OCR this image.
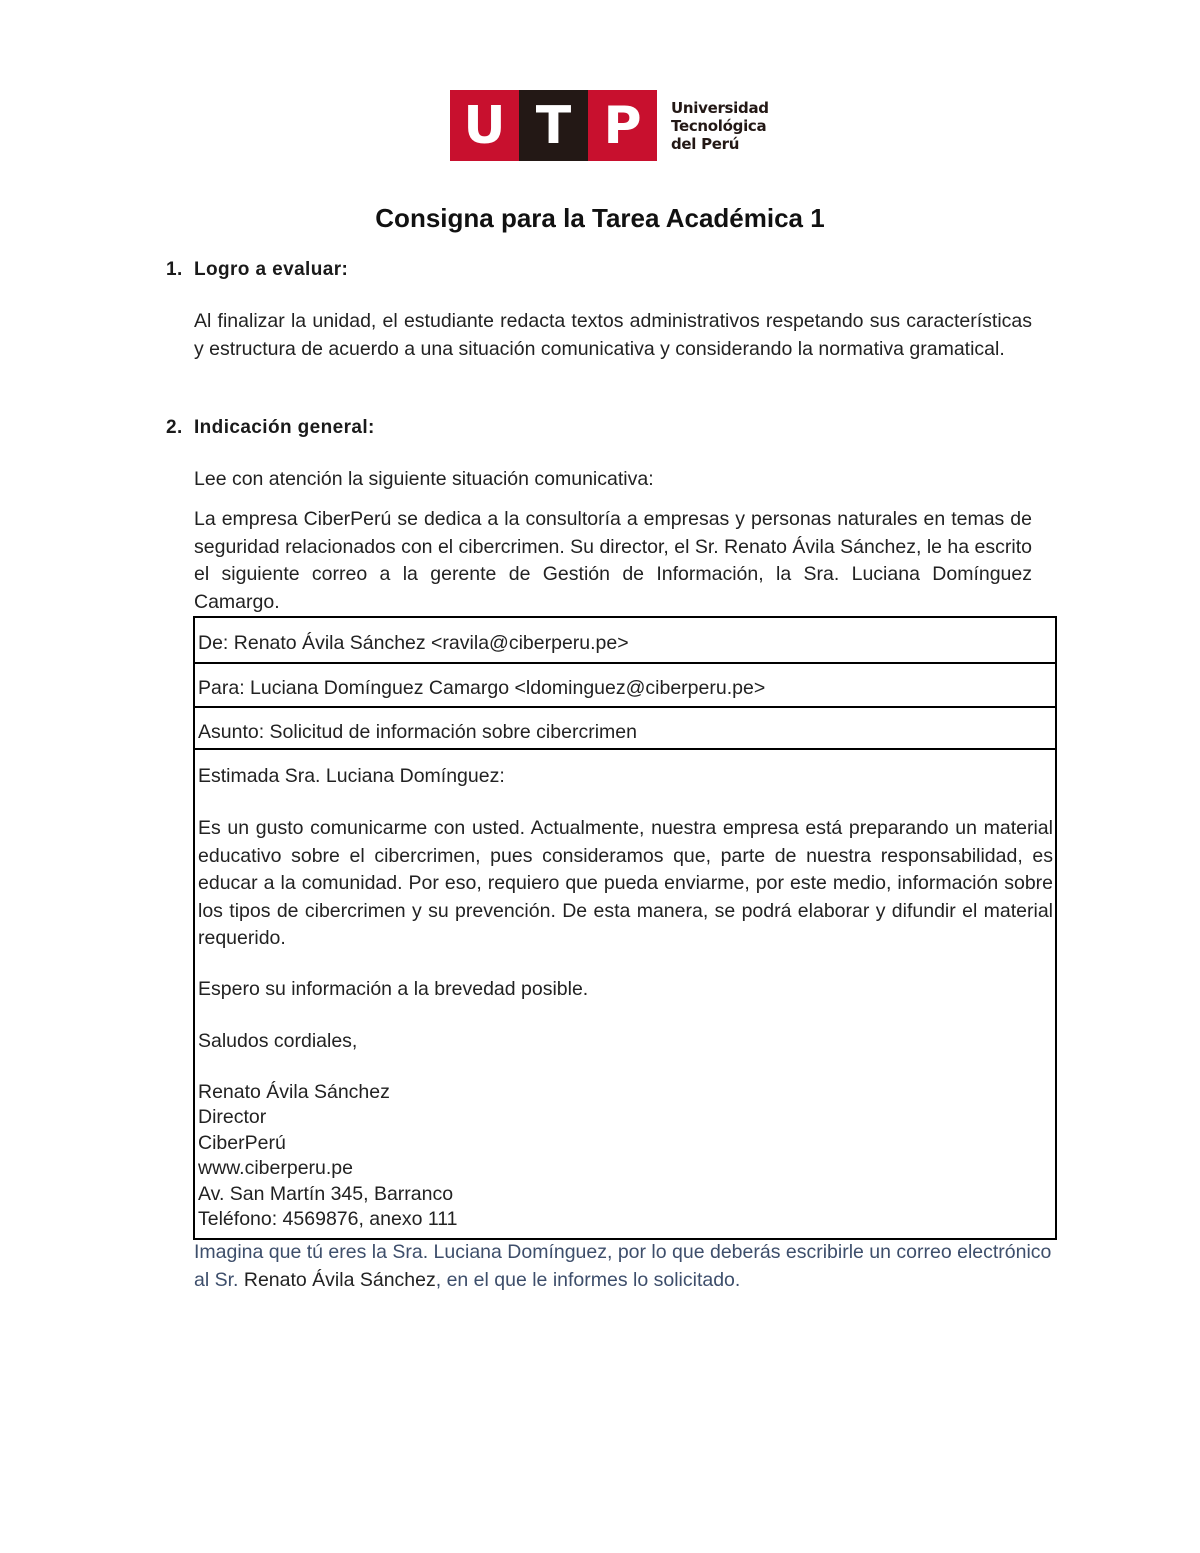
U T P	Universidad
Tecnológica
del Perú
Consigna para la Tarea Académica 1
1. Logro a evaluar:
Al finalizar la unidad, el estudiante redacta textos administrativos respetando sus características y estructura de acuerdo a una situación comunicativa y considerando la normativa gramatical.
2. Indicación general:
Lee con atención la siguiente situación comunicativa:
La empresa CiberPerú se dedica a la consultoría a empresas y personas naturales en temas de seguridad relacionados con el cibercrimen. Su director, el Sr. Renato Ávila Sánchez, le ha escrito el siguiente correo a la gerente de Gestión de Información, la Sra. Luciana Domínguez Camargo.
De: Renato Ávila Sánchez <ravila@ciberperu.pe>
Para: Luciana Domínguez Camargo <ldominguez@ciberperu.pe>
Asunto: Solicitud de información sobre cibercrimen

Estimada Sra. Luciana Domínguez:

Es un gusto comunicarme con usted. Actualmente, nuestra empresa está preparando un material educativo sobre el cibercrimen, pues consideramos que, parte de nuestra responsabilidad, es educar a la comunidad. Por eso, requiero que pueda enviarme, por este medio, información sobre los tipos de cibercrimen y su prevención. De esta manera, se podrá elaborar y difundir el material requerido.

Espero su información a la brevedad posible.

Saludos cordiales,

Renato Ávila Sánchez
Director
CiberPerú
www.ciberperu.pe
Av. San Martín 345, Barranco
Teléfono: 4569876, anexo 111
Imagina que tú eres la Sra. Luciana Domínguez, por lo que deberás escribirle un correo electrónico al Sr. Renato Ávila Sánchez, en el que le informes lo solicitado.
